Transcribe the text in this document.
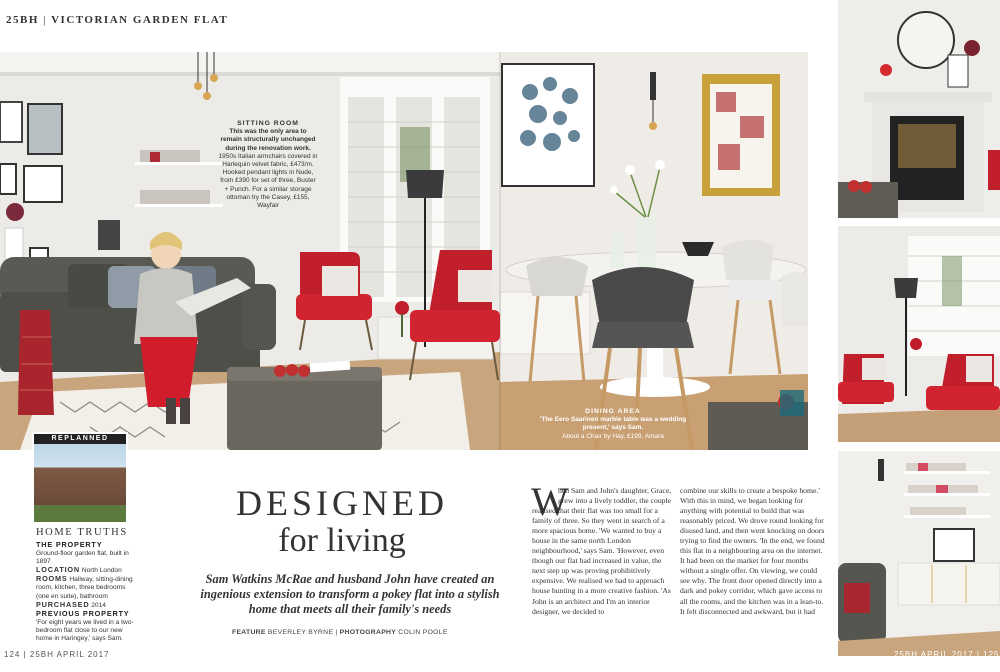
25BH | VICTORIAN GARDEN FLAT
SITTING ROOM
This was the only area to remain structurally unchanged during the renovation work.
1950s Italian armchairs covered in Harlequin velvet fabric, £473/m. Hooked pendant lights in Nude, from £390 for set of three, Buster + Punch. For a similar storage ottoman try the Casey, £155, Wayfair
DINING AREA
'The Eero Saarinen marble table was a wedding present,' says Sam.
About a Chair by Hay, £199, Amara
REPLANNED
HOME TRUTHS
THE PROPERTY
Ground-floor garden flat, built in 1897
LOCATION North London
ROOMS Hallway, sitting-dining room, kitchen, three bedrooms (one en suite), bathroom
PURCHASED 2014
PREVIOUS PROPERTY
'For eight years we lived in a two-bedroom flat close to our new home in Haringey,' says Sam.
DESIGNED
for living
Sam Watkins McRae and husband John have created an ingenious extension to transform a pokey flat into a stylish home that meets all their family's needs
FEATURE BEVERLEY BYRNE | PHOTOGRAPHY COLIN POOLE
W
hen Sam and John's daughter, Grace, grew into a lively toddler, the couple
realised that their flat was too small for a family of three. So they went in search of a more spacious home. 'We wanted to buy a house in the same north London neighbourhood,' says Sam. 'However, even though our flat had increased in value, the next step up was proving prohibitively expensive. We realised we had to approach house hunting in a more creative fashion. 'As John is an architect and I'm an interior designer, we decided to
combine our skills to create a bespoke home.' With this in mind, we began looking for anything with potential to build that was reasonably priced. We drove round looking for disused land, and then went knocking on doors trying to find the owners. 'In the end, we found this flat in a neighbouring area on the internet. It had been on the market for four months without a single offer. On viewing, we could see why. The front door opened directly into a dark and pokey corridor, which gave access to all the rooms, and the kitchen was in a lean-to. It felt disconnected and awkward, but it had
124 | 25BH APRIL 2017	25BH APRIL 2017 | 125
